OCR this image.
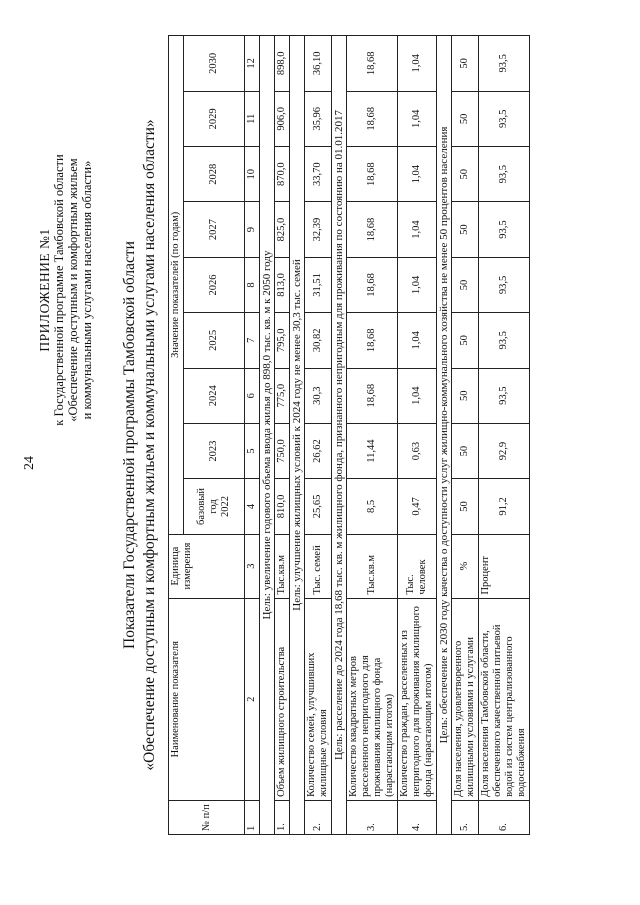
24
ПРИЛОЖЕНИЕ №1 к Государственной программе Тамбовской области «Обеспечение доступным и комфортным жильем и коммунальными услугами населения области» Показатели Государственной программы Тамбовской области «Обеспечение доступным и комфортным жильем и коммунальными услугами населения области»
№ п/п	Наименование показателя	Единица измерения	Значение показателей (по годам)								

			базовый год 2022	2023	2024	2025	2026	2027	2028	2029	2030
1	2	3	4	5	6	7	8	9	10	11	12
Цель: увеличение годового объема ввода жилья до 898,0 тыс. кв. м к 2050 году											
1.	Объем жилищного строительства	Тыс.кв.м	810,0	750,0	775,0	795,0	813,0	825,0	870,0	906,0	898,0
Цель: улучшение жилищных условий к 2024 году не менее 30,3 тыс. семей											
2.	Количество семей, улучшивших жилищные условия	Тыс. семей	25,65	26,62	30,3	30,82	31,51	32,39	33,70	35,96	36,10
Цель: расселение до 2024 года 18,68 тыс. кв. м жилищного фонда, признанного непригодным для проживания по состоянию на 01.01.2017											
3.	Количество квадратных метров расселенного непригодного для проживания жилищного фонда (нарастающим итогом)	Тыс.кв.м	8,5	11,44	18,68	18,68	18,68	18,68	18,68	18,68	18,68
4.	Количество граждан, расселенных из непригодного для проживания жилищного фонда (нарастающим итогом)	Тыс. человек	0,47	0,63	1,04	1,04	1,04	1,04	1,04	1,04	1,04
Цель: обеспечение к 2030 году качества о доступности услуг жилищно-коммунального хозяйства не менее 50 процентов населения											
5.	Доля населения, удовлетворенного жилищными условиями и услугами	%	50	50	50	50	50	50	50	50	50
6.	Доля населения Тамбовской области, обеспеченного качественной питьевой водой из систем централизованного водоснабжения	Процент	91,2	92,9	93,5	93,5	93,5	93,5	93,5	93,5	93,5
